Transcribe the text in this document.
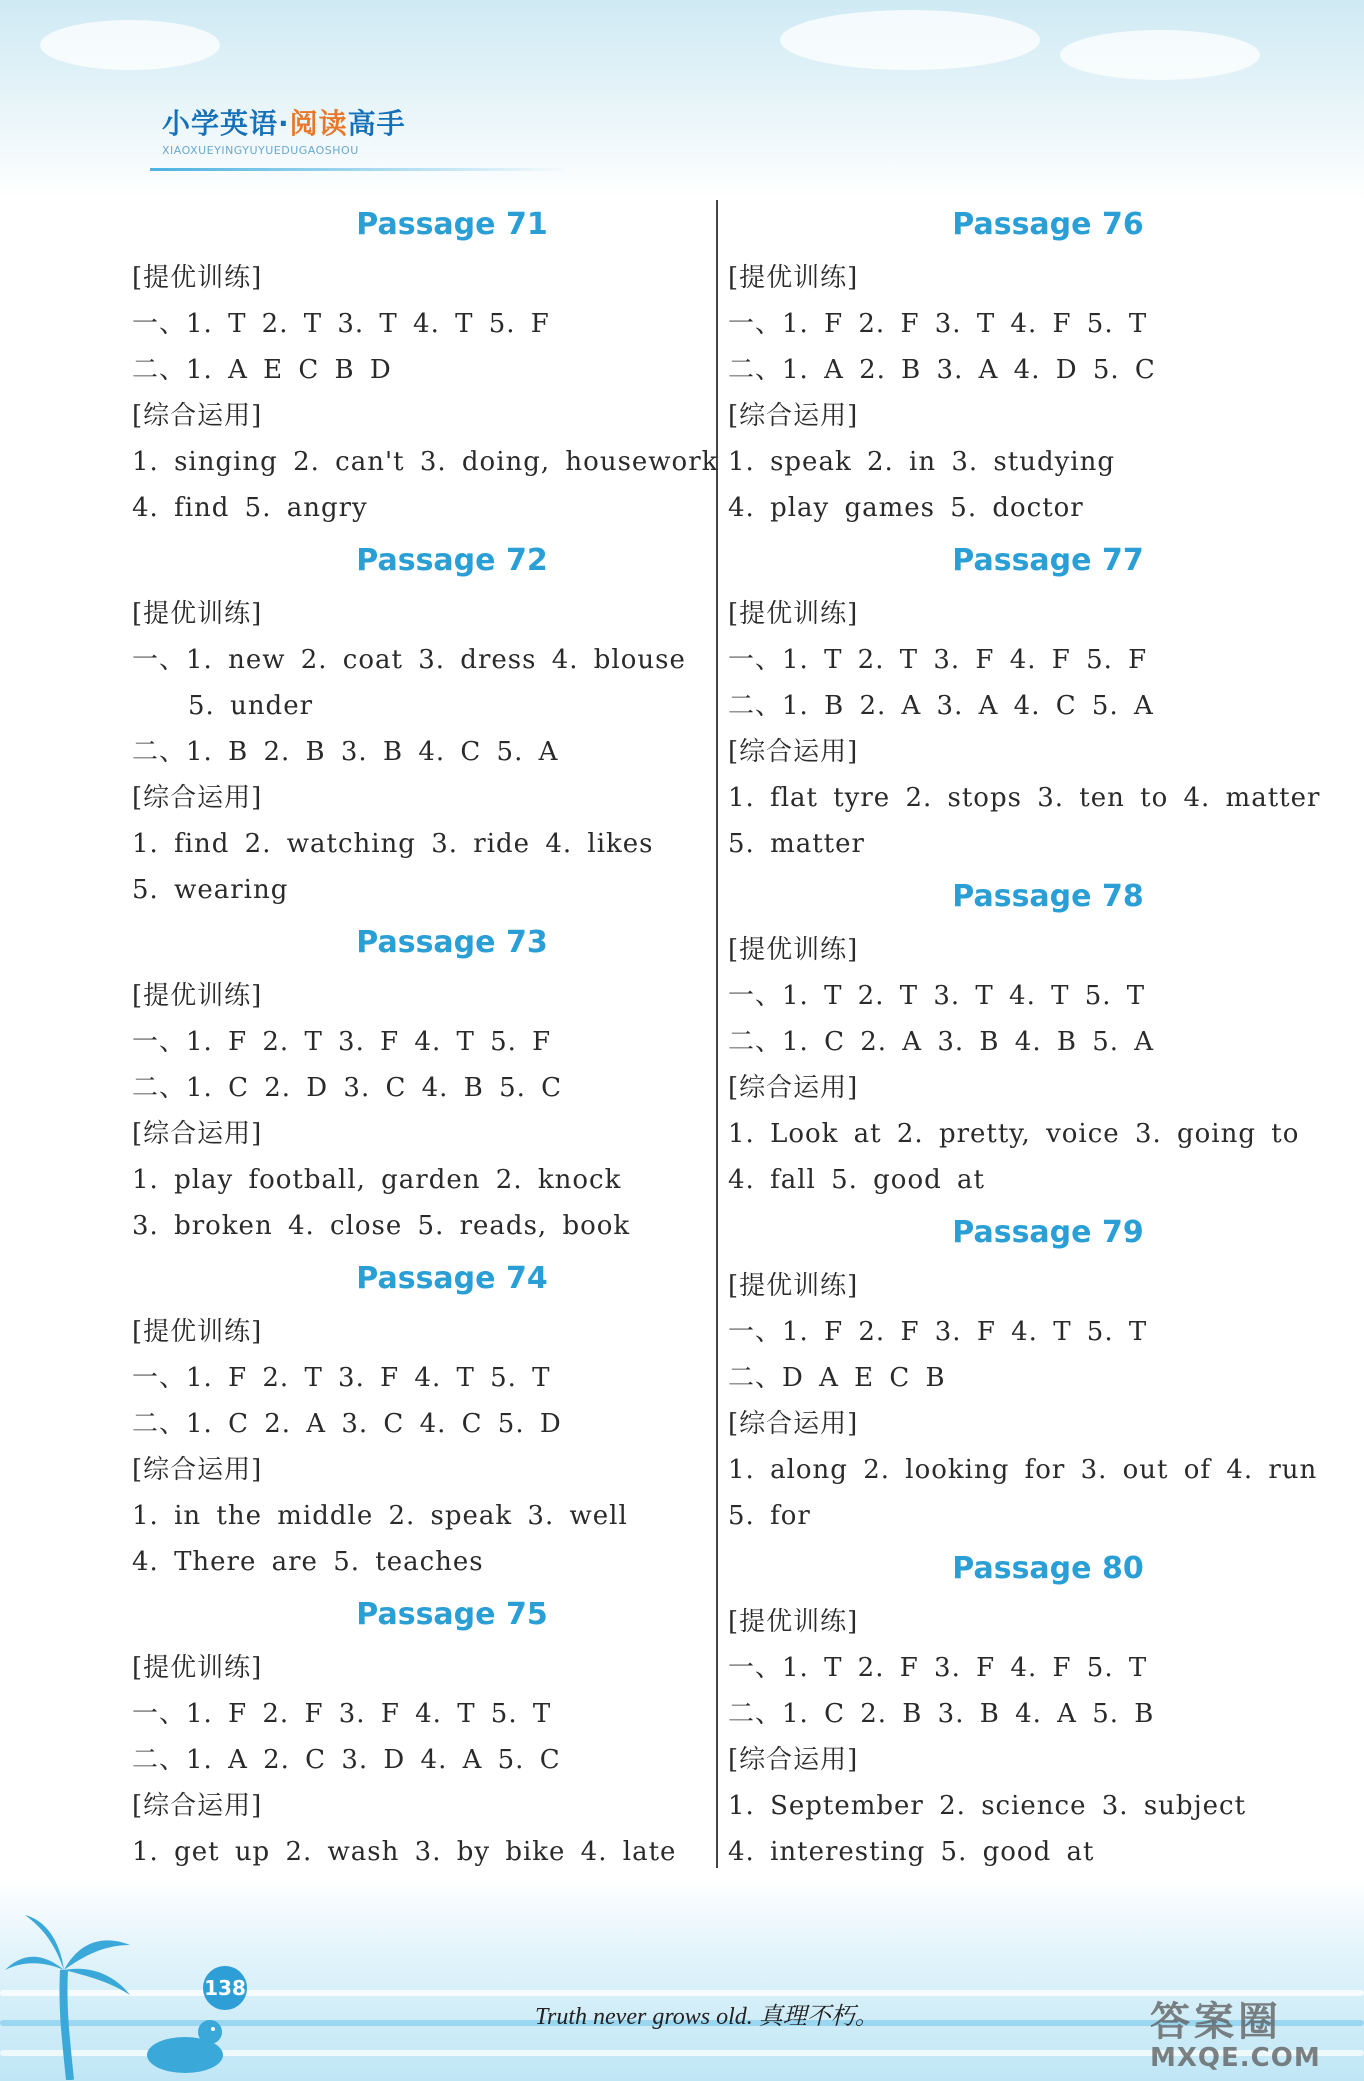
小学英语·阅读高手
XIAOXUEYINGYUYUEDUGAOSHOU
Passage 71
[提优训练]
一、1. T 2. T 3. T 4. T 5. F
二、1. A E C B D
[综合运用]
1. singing 2. can't 3. doing, housework
4. find 5. angry
Passage 72
[提优训练]
一、1. new 2. coat 3. dress 4. blouse
5. under
二、1. B 2. B 3. B 4. C 5. A
[综合运用]
1. find 2. watching 3. ride 4. likes
5. wearing
Passage 73
[提优训练]
一、1. F 2. T 3. F 4. T 5. F
二、1. C 2. D 3. C 4. B 5. C
[综合运用]
1. play football, garden 2. knock
3. broken 4. close 5. reads, book
Passage 74
[提优训练]
一、1. F 2. T 3. F 4. T 5. T
二、1. C 2. A 3. C 4. C 5. D
[综合运用]
1. in the middle 2. speak 3. well
4. There are 5. teaches
Passage 75
[提优训练]
一、1. F 2. F 3. F 4. T 5. T
二、1. A 2. C 3. D 4. A 5. C
[综合运用]
1. get up 2. wash 3. by bike 4. late
Passage 76
[提优训练]
一、1. F 2. F 3. T 4. F 5. T
二、1. A 2. B 3. A 4. D 5. C
[综合运用]
1. speak 2. in 3. studying
4. play games 5. doctor
Passage 77
[提优训练]
一、1. T 2. T 3. F 4. F 5. F
二、1. B 2. A 3. A 4. C 5. A
[综合运用]
1. flat tyre 2. stops 3. ten to 4. matter
5. matter
Passage 78
[提优训练]
一、1. T 2. T 3. T 4. T 5. T
二、1. C 2. A 3. B 4. B 5. A
[综合运用]
1. Look at 2. pretty, voice 3. going to
4. fall 5. good at
Passage 79
[提优训练]
一、1. F 2. F 3. F 4. T 5. T
二、D A E C B
[综合运用]
1. along 2. looking for 3. out of 4. run
5. for
Passage 80
[提优训练]
一、1. T 2. F 3. F 4. F 5. T
二、1. C 2. B 3. B 4. A 5. B
[综合运用]
1. September 2. science 3. subject
4. interesting 5. good at
138
Truth never grows old. 真理不朽。	答案圈
MXQE.COM
